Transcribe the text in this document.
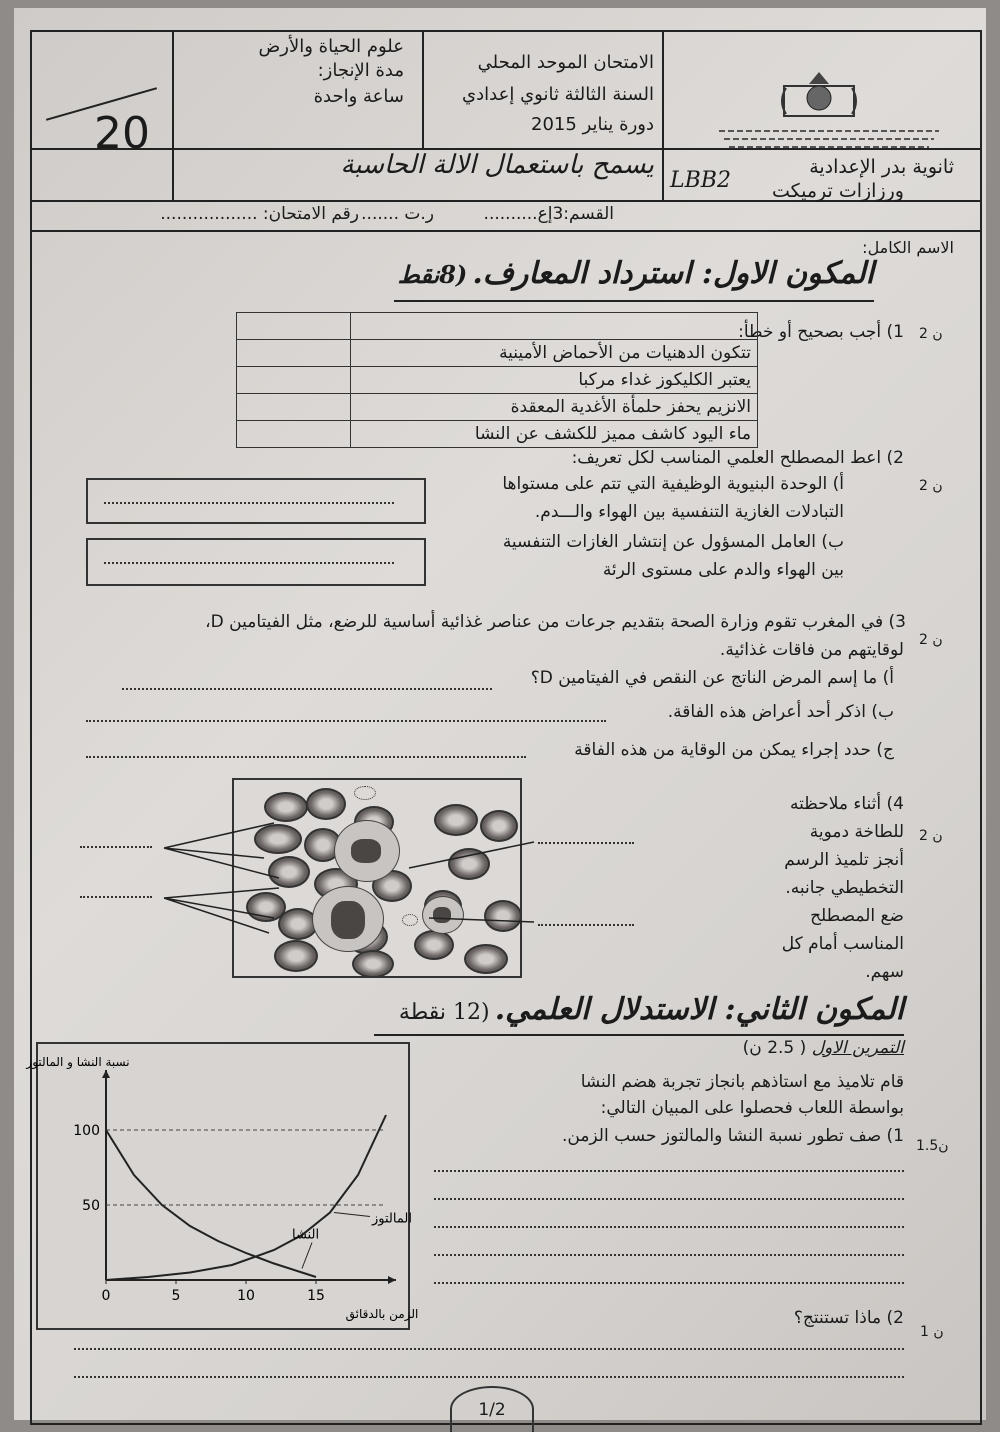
20
علوم الحياة والأرض
مدة الإنجاز:
ساعة واحدة
الامتحان الموحد المحلي
السنة الثالثة ثانوي إعدادي
دورة يناير 2015
يسمح باستعمال الالة الحاسبة	ثانوية بدر الإعدادية
ورزازات ترميكت
LBB2
رقم الامتحان: .................. ر.ت .......	القسم:3إع..........
الاسم الكامل:
المكون الاول: استرداد المعارف. (8نقط
2 ن
1) أجب بصحيح أو خطأ:

تتكون الدهنيات من الأحماض الأمينية	
يعتبر الكليكوز غداء مركبا	
الانزيم يحفز حلمأة الأغدية المعقدة	
ماء اليود كاشف مميز للكشف عن النشا	
2 ن
2) اعط المصطلح العلمي المناسب لكل تعريف:
أ) الوحدة البنيوية الوظيفية التي تتم على مستواها
التبادلات الغازية التنفسية بين الهواء والـــدم.
ب) العامل المسؤول عن إنتشار الغازات التنفسية
بين الهواء والدم على مستوى الرئة
2 ن
3) في المغرب تقوم وزارة الصحة بتقديم جرعات من عناصر غذائية أساسية للرضع، مثل الفيتامين D،
لوقايتهم من فاقات غذائية.
أ) ما إسم المرض الناتج عن النقص في الفيتامين D؟
ب) اذكر أحد أعراض هذه الفاقة.
ج) حدد إجراء يمكن من الوقاية من هذه الفاقة
2 ن
4) أثناء ملاحظته
للطاخة دموية
أنجز تلميذ الرسم
التخطيطي جانبه.
ضع المصطلح
المناسب أمام كل سهم.
المكون الثاني: الاستدلال العلمي. (12 نقطة
التمرين الاول ( 2.5 ن)
قام تلاميذ مع استاذهم بانجاز تجربة هضم النشا
بواسطة اللعاب فحصلوا على المبيان التالي:
1) صف تطور نسبة النشا والمالتوز حسب الزمن. 1.5ن
2) ماذا تستنتج؟
1 ن
50
100
0	5	10	15
المالتوز
النشا
نسبة النشا و المالتوز
الزمن بالدقائق
1/2
